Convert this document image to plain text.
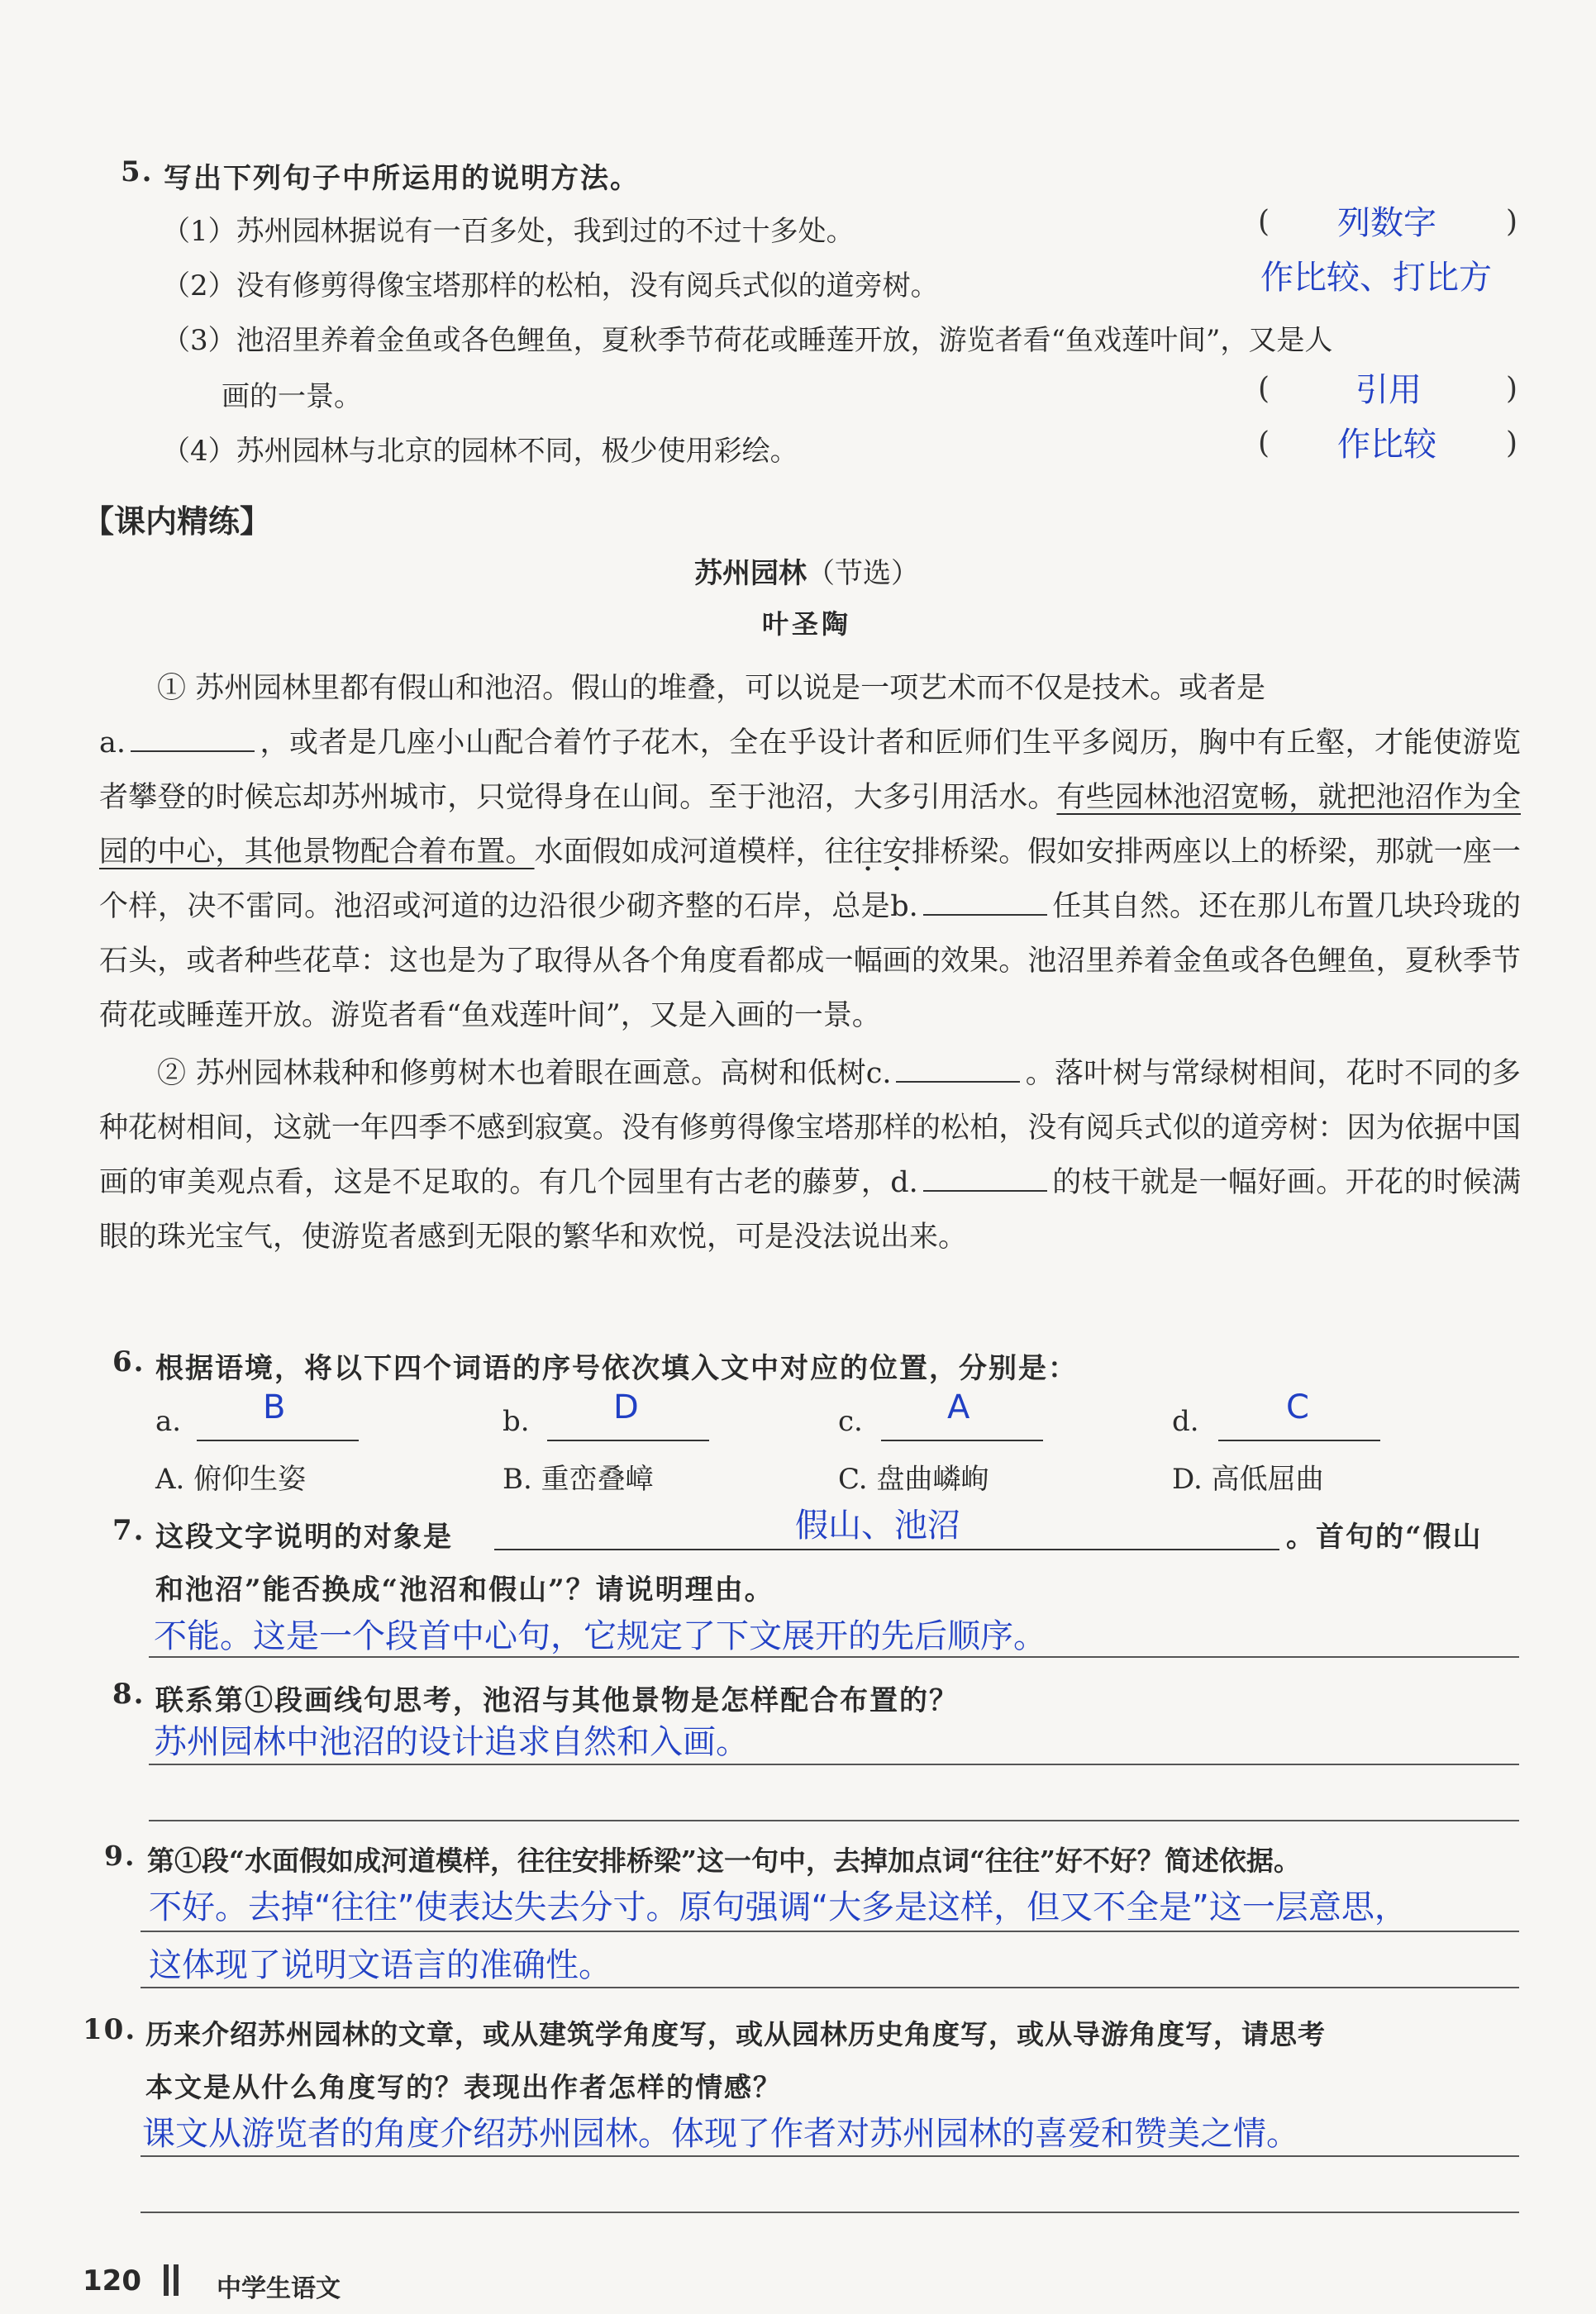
5. 写出下列句子中所运用的说明方法。
（1）苏州园林据说有一百多处，我到过的不过十多处。	( 列数字 )
（2）没有修剪得像宝塔那样的松柏，没有阅兵式似的道旁树。	作比较、打比方
（3）池沼里养着金鱼或各色鲤鱼，夏秋季节荷花或睡莲开放，游览者看“鱼戏莲叶间”，又是人
画的一景。	(	引用	)
（4）苏州园林与北京的园林不同，极少使用彩绘。	( 作比较 )
【课内精练】
苏州园林（节选）
叶圣陶
① 苏州园林里都有假山和池沼。假山的堆叠，可以说是一项艺术而不仅是技术。或者是
a.	，或者是几座小山配合着竹子花木，全在乎设计者和匠师们生平多阅历，胸中有丘壑，才能使游览者攀登的时候忘却苏州城市，只觉得身在山间。至于池沼，大多引用活水。有些园林池沼宽畅，就把池沼作为全园的中心，其他景物配合着布置。水面假如成河道模样，往往安排桥梁。假如安排两座以上的桥梁，那就一座一个样，决不雷同。池沼或河道的边沿很少砌齐整的石岸，总是b.	任其自然。还在那儿布置几块玲珑的石头，或者种些花草：这也是为了取得从各个角度看都成一幅画的效果。池沼里养着金鱼或各色鲤鱼，夏秋季节荷花或睡莲开放。游览者看“鱼戏莲叶间”，又是入画的一景。
② 苏州园林栽种和修剪树木也着眼在画意。高树和低树c.	。落叶树与常绿树相间，花时不同的多种花树相间，这就一年四季不感到寂寞。没有修剪得像宝塔那样的松柏，没有阅兵式似的道旁树：因为依据中国画的审美观点看，这是不足取的。有几个园里有古老的藤萝，d.	的枝干就是一幅好画。开花的时候满眼的珠光宝气，使游览者感到无限的繁华和欢悦，可是没法说出来。
6. 根据语境，将以下四个词语的序号依次填入文中对应的位置，分别是：
a. B	b.	D	c.	A	d.	C
A. 俯仰生姿	B. 重峦叠嶂	C. 盘曲嶙峋	D. 高低屈曲
7. 这段文字说明的对象是	假山、池沼	。首句的“假山
和池沼”能否换成“池沼和假山”？请说明理由。
不能。这是一个段首中心句，它规定了下文展开的先后顺序。
8. 联系第①段画线句思考，池沼与其他景物是怎样配合布置的？
苏州园林中池沼的设计追求自然和入画。
9. 第①段“水面假如成河道模样，往往安排桥梁”这一句中，去掉加点词“往往”好不好？简述依据。
不好。去掉“往往”使表达失去分寸。原句强调“大多是这样，但又不全是”这一层意思，
这体现了说明文语言的准确性。
10. 历来介绍苏州园林的文章，或从建筑学角度写，或从园林历史角度写，或从导游角度写，请思考
本文是从什么角度写的？表现出作者怎样的情感？
课文从游览者的角度介绍苏州园林。体现了作者对苏州园林的喜爱和赞美之情。
120	中学生语文
